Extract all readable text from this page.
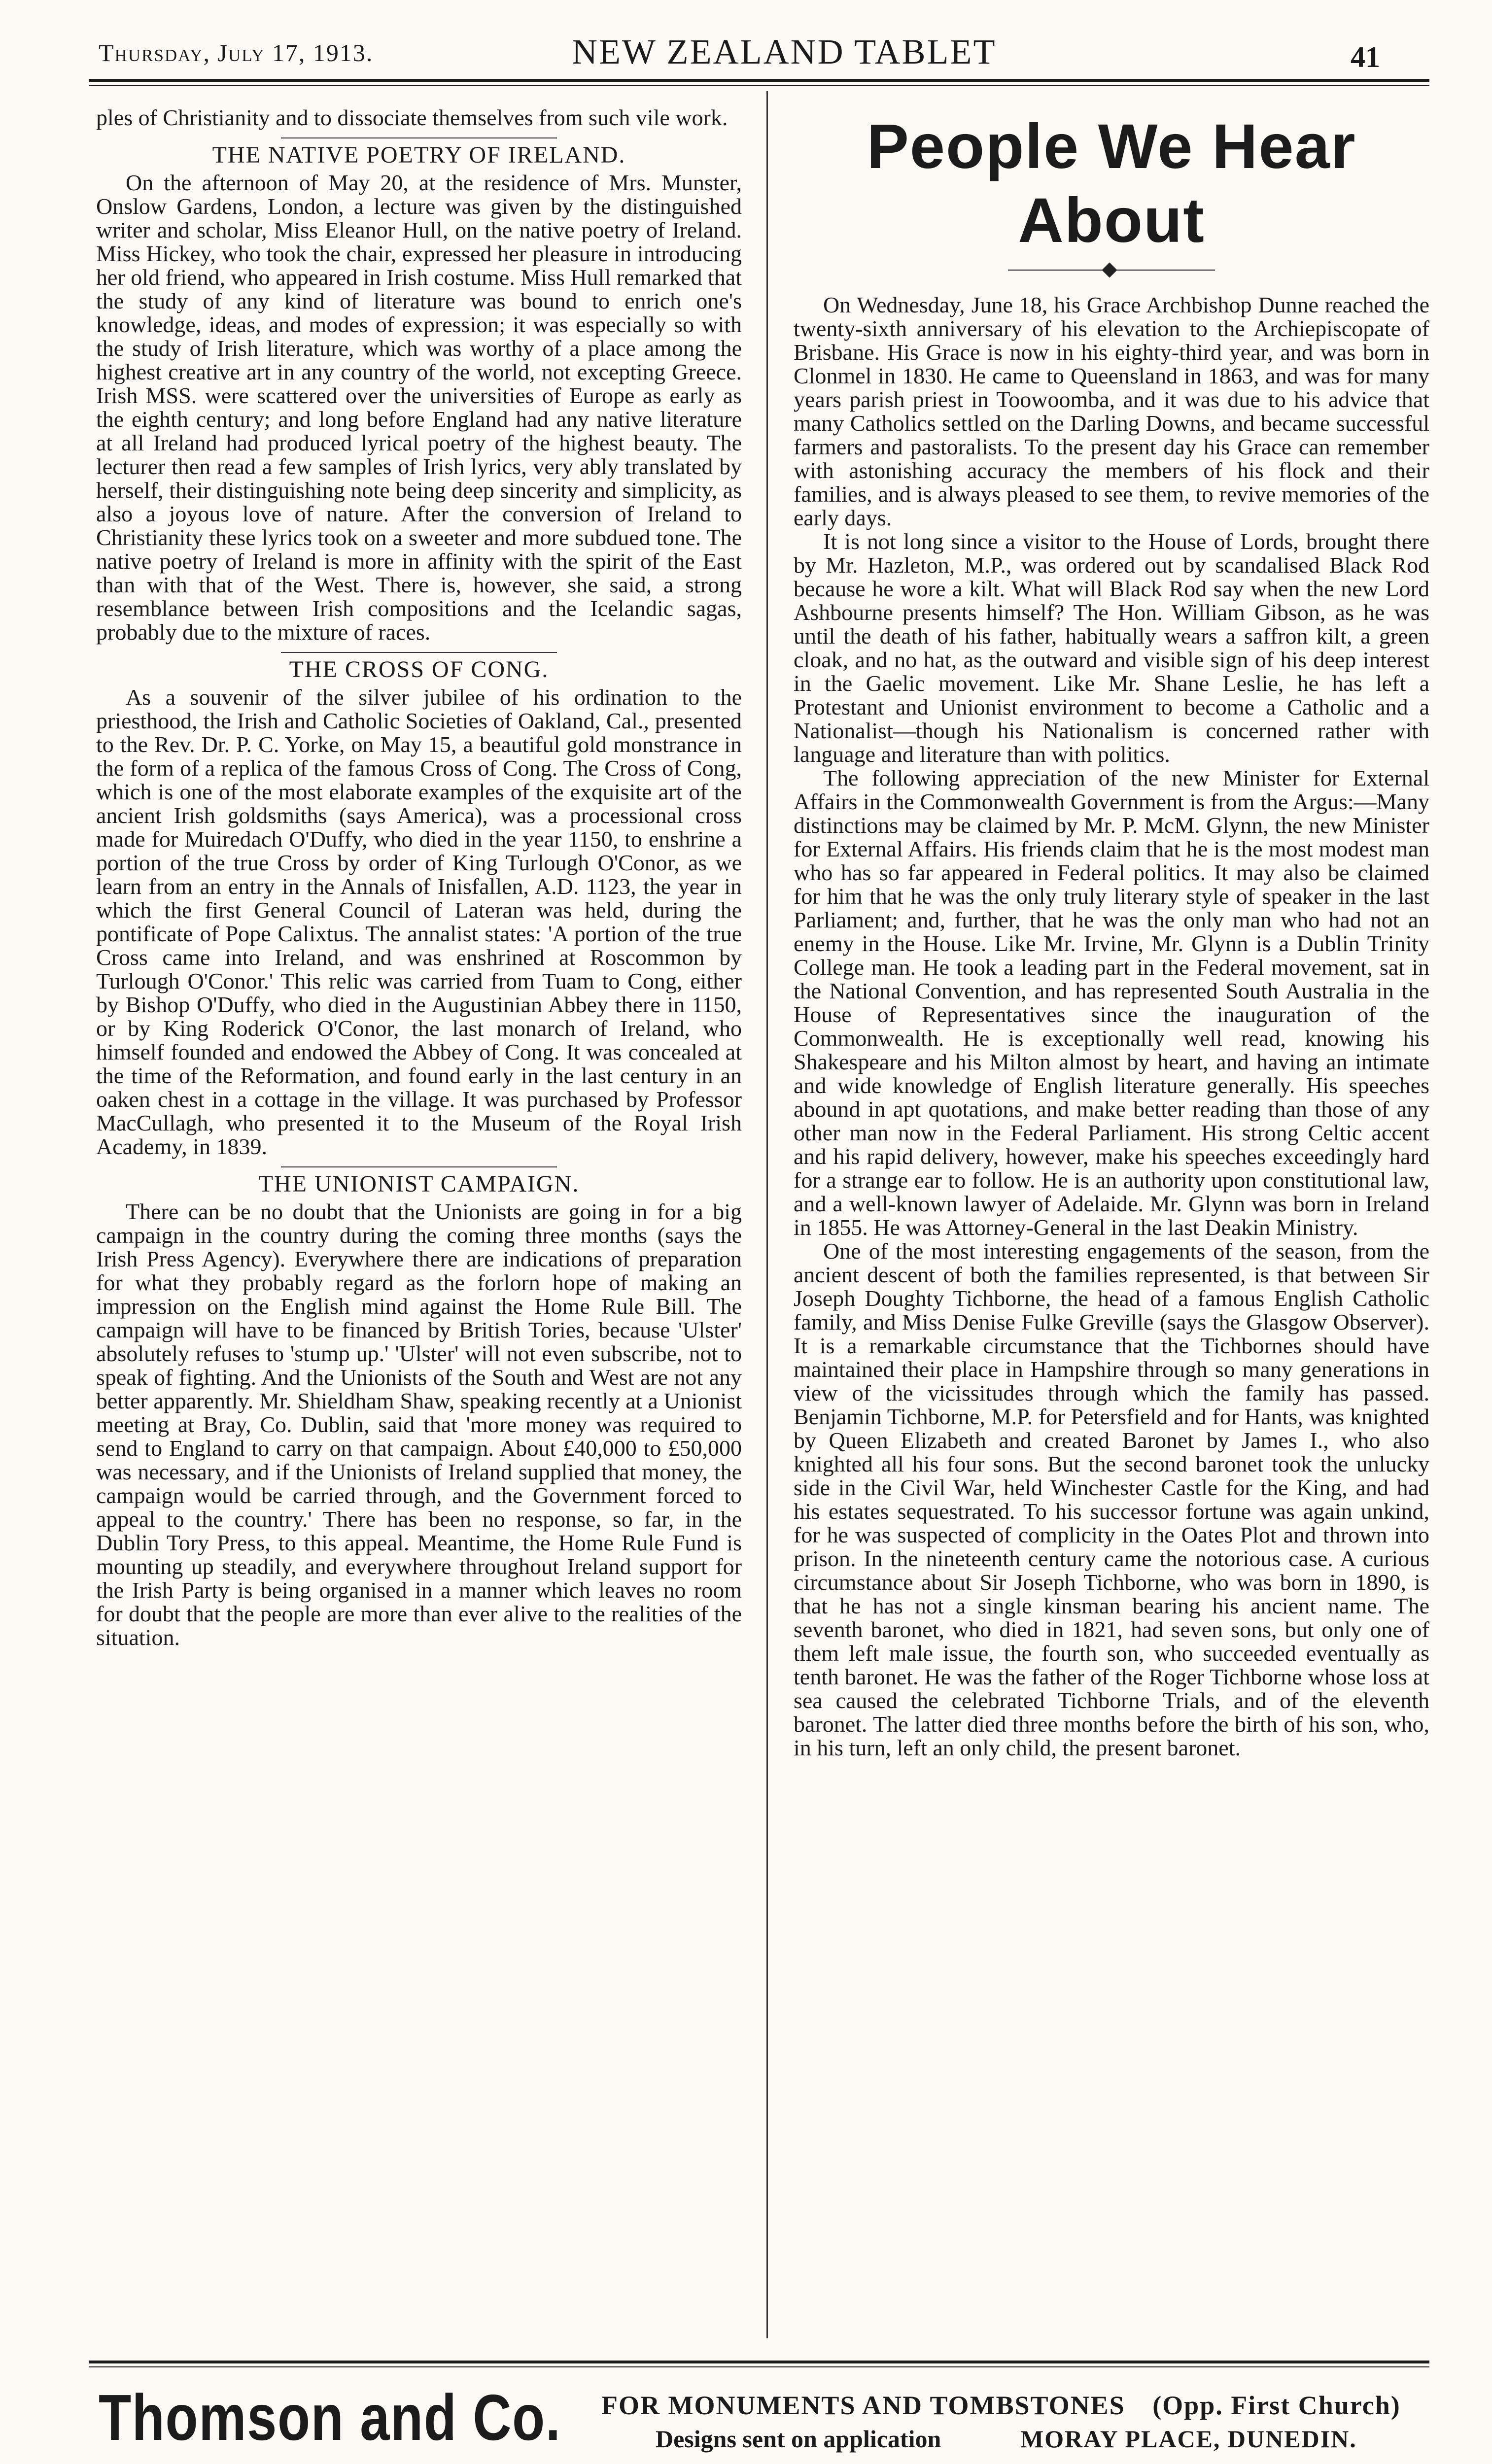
Thursday, July 17, 1913.	NEW ZEALAND TABLET	41

ples of Christianity and to dissociate themselves from such vile work.

THE NATIVE POETRY OF IRELAND.

On the afternoon of May 20, at the residence of Mrs. Munster, Onslow Gardens, London, a lecture was given by the distinguished writer and scholar, Miss Eleanor Hull, on the native poetry of Ireland. Miss Hickey, who took the chair, expressed her pleasure in introducing her old friend, who appeared in Irish costume. Miss Hull remarked that the study of any kind of literature was bound to enrich one's knowledge, ideas, and modes of expression; it was especially so with the study of Irish literature, which was worthy of a place among the highest creative art in any country of the world, not excepting Greece. Irish MSS. were scattered over the universities of Europe as early as the eighth century; and long before England had any native literature at all Ireland had produced lyrical poetry of the highest beauty. The lecturer then read a few samples of Irish lyrics, very ably translated by herself, their distinguishing note being deep sincerity and simplicity, as also a joyous love of nature. After the conversion of Ireland to Christianity these lyrics took on a sweeter and more subdued tone. The native poetry of Ireland is more in affinity with the spirit of the East than with that of the West. There is, however, she said, a strong resemblance between Irish compositions and the Icelandic sagas, probably due to the mixture of races.

THE CROSS OF CONG.

As a souvenir of the silver jubilee of his ordination to the priesthood, the Irish and Catholic Societies of Oakland, Cal., presented to the Rev. Dr. P. C. Yorke, on May 15, a beautiful gold monstrance in the form of a replica of the famous Cross of Cong. The Cross of Cong, which is one of the most elaborate examples of the exquisite art of the ancient Irish goldsmiths (says America), was a processional cross made for Muiredach O'Duffy, who died in the year 1150, to enshrine a portion of the true Cross by order of King Turlough O'Conor, as we learn from an entry in the Annals of Inisfallen, A.D. 1123, the year in which the first General Council of Lateran was held, during the pontificate of Pope Calixtus. The annalist states: 'A portion of the true Cross came into Ireland, and was enshrined at Roscommon by Turlough O'Conor.' This relic was carried from Tuam to Cong, either by Bishop O'Duffy, who died in the Augustinian Abbey there in 1150, or by King Roderick O'Conor, the last monarch of Ireland, who himself founded and endowed the Abbey of Cong. It was concealed at the time of the Reformation, and found early in the last century in an oaken chest in a cottage in the village. It was purchased by Professor MacCullagh, who presented it to the Museum of the Royal Irish Academy, in 1839.

THE UNIONIST CAMPAIGN.

There can be no doubt that the Unionists are going in for a big campaign in the country during the coming three months (says the Irish Press Agency). Everywhere there are indications of preparation for what they probably regard as the forlorn hope of making an impression on the English mind against the Home Rule Bill. The campaign will have to be financed by British Tories, because 'Ulster' absolutely refuses to 'stump up.' 'Ulster' will not even subscribe, not to speak of fighting. And the Unionists of the South and West are not any better apparently. Mr. Shieldham Shaw, speaking recently at a Unionist meeting at Bray, Co. Dublin, said that 'more money was required to send to England to carry on that campaign. About £40,000 to £50,000 was necessary, and if the Unionists of Ireland supplied that money, the campaign would be carried through, and the Government forced to appeal to the country.' There has been no response, so far, in the Dublin Tory Press, to this appeal. Meantime, the Home Rule Fund is mounting up steadily, and everywhere throughout Ireland support for the Irish Party is being organised in a manner which leaves no room for doubt that the people are more than ever alive to the realities of the situation.

People We Hear About

On Wednesday, June 18, his Grace Archbishop Dunne reached the twenty-sixth anniversary of his elevation to the Archiepiscopate of Brisbane. His Grace is now in his eighty-third year, and was born in Clonmel in 1830. He came to Queensland in 1863, and was for many years parish priest in Toowoomba, and it was due to his advice that many Catholics settled on the Darling Downs, and became successful farmers and pastoralists. To the present day his Grace can remember with astonishing accuracy the members of his flock and their families, and is always pleased to see them, to revive memories of the early days.

It is not long since a visitor to the House of Lords, brought there by Mr. Hazleton, M.P., was ordered out by scandalised Black Rod because he wore a kilt. What will Black Rod say when the new Lord Ashbourne presents himself? The Hon. William Gibson, as he was until the death of his father, habitually wears a saffron kilt, a green cloak, and no hat, as the outward and visible sign of his deep interest in the Gaelic movement. Like Mr. Shane Leslie, he has left a Protestant and Unionist environment to become a Catholic and a Nationalist—though his Nationalism is concerned rather with language and literature than with politics.

The following appreciation of the new Minister for External Affairs in the Commonwealth Government is from the Argus:—Many distinctions may be claimed by Mr. P. McM. Glynn, the new Minister for External Affairs. His friends claim that he is the most modest man who has so far appeared in Federal politics. It may also be claimed for him that he was the only truly literary style of speaker in the last Parliament; and, further, that he was the only man who had not an enemy in the House. Like Mr. Irvine, Mr. Glynn is a Dublin Trinity College man. He took a leading part in the Federal movement, sat in the National Convention, and has represented South Australia in the House of Representatives since the inauguration of the Commonwealth. He is exceptionally well read, knowing his Shakespeare and his Milton almost by heart, and having an intimate and wide knowledge of English literature generally. His speeches abound in apt quotations, and make better reading than those of any other man now in the Federal Parliament. His strong Celtic accent and his rapid delivery, however, make his speeches exceedingly hard for a strange ear to follow. He is an authority upon constitutional law, and a well-known lawyer of Adelaide. Mr. Glynn was born in Ireland in 1855. He was Attorney-General in the last Deakin Ministry.

One of the most interesting engagements of the season, from the ancient descent of both the families represented, is that between Sir Joseph Doughty Tichborne, the head of a famous English Catholic family, and Miss Denise Fulke Greville (says the Glasgow Observer). It is a remarkable circumstance that the Tichbornes should have maintained their place in Hampshire through so many generations in view of the vicissitudes through which the family has passed. Benjamin Tichborne, M.P. for Petersfield and for Hants, was knighted by Queen Elizabeth and created Baronet by James I., who also knighted all his four sons. But the second baronet took the unlucky side in the Civil War, held Winchester Castle for the King, and had his estates sequestrated. To his successor fortune was again unkind, for he was suspected of complicity in the Oates Plot and thrown into prison. In the nineteenth century came the notorious case. A curious circumstance about Sir Joseph Tichborne, who was born in 1890, is that he has not a single kinsman bearing his ancient name. The seventh baronet, who died in 1821, had seven sons, but only one of them left male issue, the fourth son, who succeeded eventually as tenth baronet. He was the father of the Roger Tichborne whose loss at sea caused the celebrated Tichborne Trials, and of the eleventh baronet. The latter died three months before the birth of his son, who, in his turn, left an only child, the present baronet.

Thomson and Co. FOR MONUMENTS AND TOMBSTONES (Opp. First Church)
Designs sent on application	MORAY PLACE, DUNEDIN.
